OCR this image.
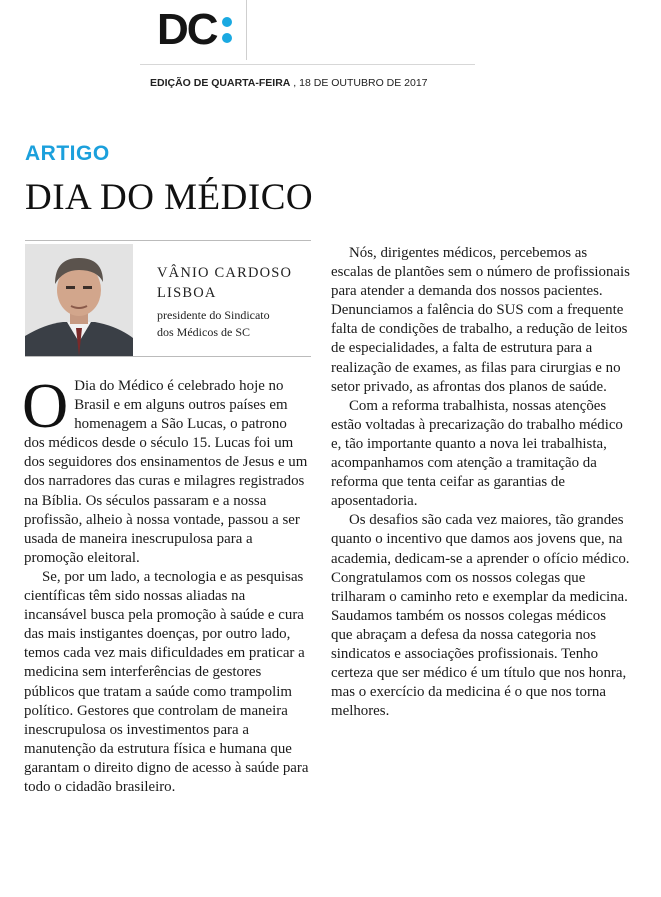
DC
EDIÇÃO DE QUARTA-FEIRA , 18 DE OUTUBRO DE 2017
ARTIGO
DIA DO MÉDICO
VÂNIO CARDOSO
LISBOA
presidente do Sindicato
dos Médicos de SC

O Dia do Médico é celebrado hoje no Brasil e em alguns outros países em homenagem a São Lucas, o patrono dos médicos desde o século 15. Lucas foi um dos seguidores dos ensinamentos de Jesus e um dos narradores das curas e milagres registrados na Bíblia. Os séculos passaram e a nossa profissão, alheio à nossa vontade, passou a ser usada de maneira inescrupulosa para a promoção eleitoral.

Se, por um lado, a tecnologia e as pesquisas científicas têm sido nossas aliadas na incansável busca pela promoção à saúde e cura das mais instigantes doenças, por outro lado, temos cada vez mais dificuldades em praticar a medicina sem interferências de gestores públicos que tratam a saúde como trampolim político. Gestores que controlam de maneira inescrupulosa os investimentos para a manutenção da estrutura física e humana que garantam o direito digno de acesso à saúde para todo o cidadão brasileiro.

Nós, dirigentes médicos, percebemos as escalas de plantões sem o número de profissionais para atender a demanda dos nossos pacientes. Denunciamos a falência do SUS com a frequente falta de condições de trabalho, a redução de leitos de especialidades, a falta de estrutura para a realização de exames, as filas para cirurgias e no setor privado, as afrontas dos planos de saúde.

Com a reforma trabalhista, nossas atenções estão voltadas à precarização do trabalho médico e, tão importante quanto a nova lei trabalhista, acompanhamos com atenção a tramitação da reforma que tenta ceifar as garantias de aposentadoria.

Os desafios são cada vez maiores, tão grandes quanto o incentivo que damos aos jovens que, na academia, dedicam-se a aprender o ofício médico. Congratulamos com os nossos colegas que trilharam o caminho reto e exemplar da medicina. Saudamos também os nossos colegas médicos que abraçam a defesa da nossa categoria nos sindicatos e associações profissionais. Tenho certeza que ser médico é um título que nos honra, mas o exercício da medicina é o que nos torna melhores.
